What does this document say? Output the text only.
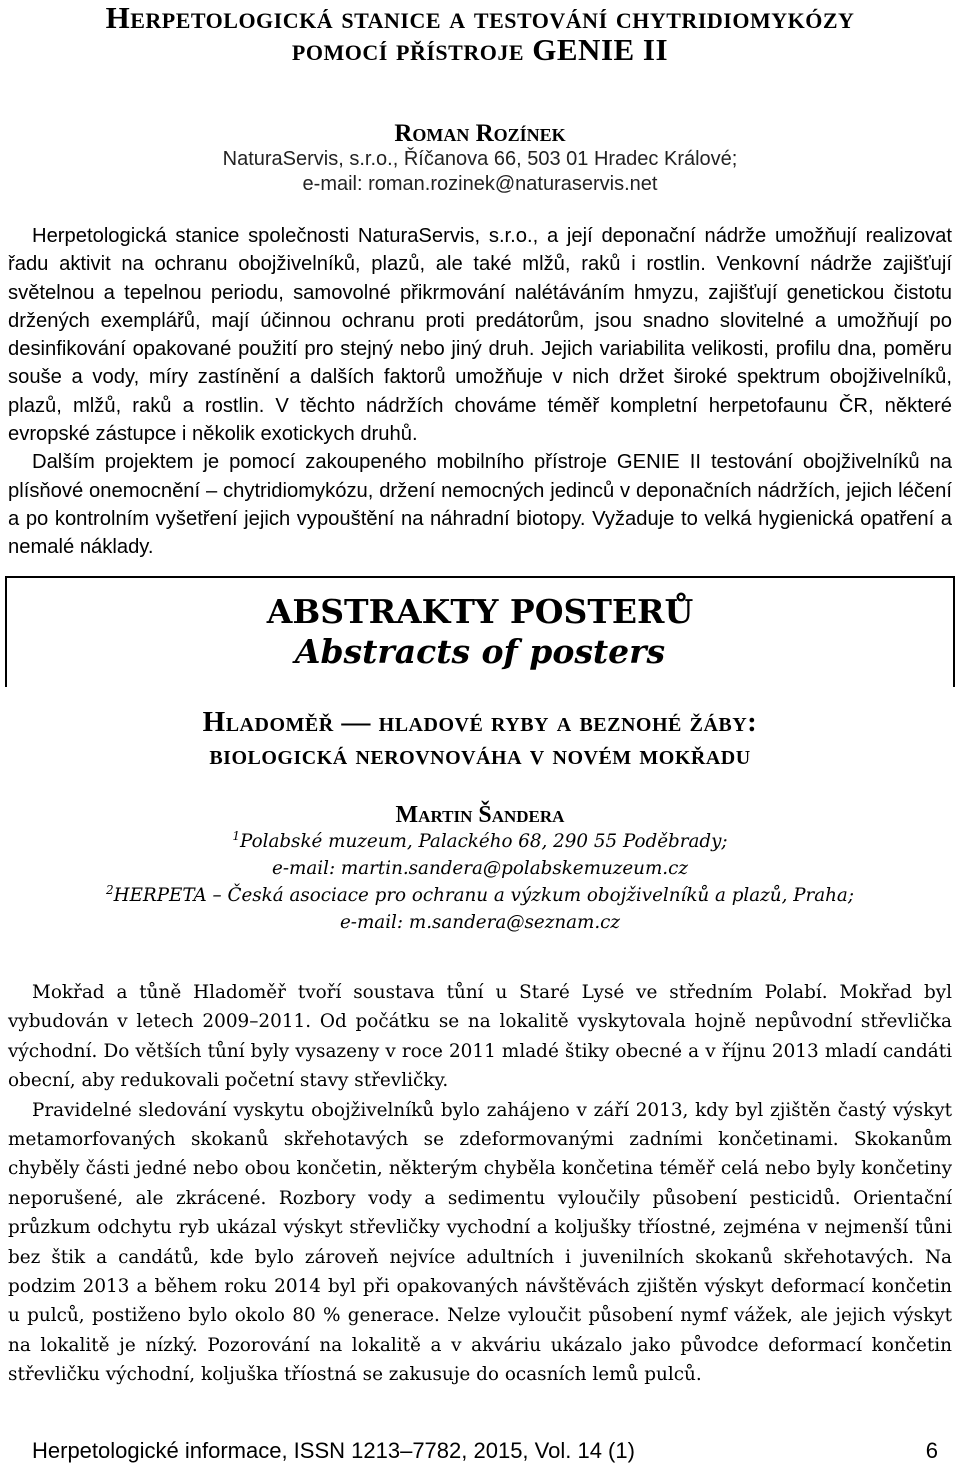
Herpetologická stanice a testování chytridiomykózy
pomocí přístroje GENIE II

Roman Rozínek

NaturaServis, s.r.o., Říčanova 66, 503 01 Hradec Králové;

e-mail: roman.rozinek@naturaservis.net

Herpetologická stanice společnosti NaturaServis, s.r.o., a její deponační nádrže umožňují realizovat řadu aktivit na ochranu obojživelníků, plazů, ale také mlžů, raků i rostlin. Venkovní nádrže zajišťují světelnou a tepelnou periodu, samovolné přikrmování nalétáváním hmyzu, zajišťují genetickou čistotu držených exemplářů, mají účinnou ochranu proti predátorům, jsou snadno slovitelné a umožňují po desinfikování opakované použití pro stejný nebo jiný druh. Jejich variabilita velikosti, profilu dna, poměru souše a vody, míry zastínění a dalších faktorů umožňuje v nich držet široké spektrum obojživelníků, plazů, mlžů, raků a rostlin. V těchto nádržích chováme téměř kompletní herpetofaunu ČR, některé evropské zástupce i několik exotickych druhů.

Dalším projektem je pomocí zakoupeného mobilního přístroje GENIE II testování obojživelníků na plísňové onemocnění – chytridiomykózu, držení nemocných jedinců v deponačních nádržích, jejich léčení a po kontrolním vyšetření jejich vypouštění na náhradní biotopy. Vyžaduje to velká hygienická opatření a nemalé náklady.

ABSTRAKTY POSTERŮ

Abstracts of posters

Hladoměř — hladové ryby a beznohé žáby:
biologická nerovnováha v novém mokřadu

Martin Šandera

$^1$Polabské muzeum, Palackého 68, 290 55 Poděbrady;

e-mail: martin.sandera@polabskemuzeum.cz

$^2$HERPETA – Česká asociace pro ochranu a výzkum obojživelníků a plazů, Praha;

e-mail: m.sandera@seznam.cz

Mokřad a tůně Hladoměř tvoří soustava tůní u Staré Lysé ve středním Polabí. Mokřad byl vybudován v letech 2009–2011. Od počátku se na lokalitě vyskytovala hojně nepůvodní střevlička východní. Do větších tůní byly vysazeny v roce 2011 mladé štiky obecné a v říjnu 2013 mladí candáti obecní, aby redukovali početní stavy střevličky.

Pravidelné sledování vyskytu obojživelníků bylo zahájeno v září 2013, kdy byl zjištěn častý výskyt metamorfovaných skokanů skřehotavých se zdeformovanými zadními končetinami. Skokanům chyběly části jedné nebo obou končetin, některým chyběla končetina téměř celá nebo byly končetiny neporušené, ale zkrácené. Rozbory vody a sedimentu vyloučily působení pesticidů. Orientační průzkum odchytu ryb ukázal výskyt střevličky vychodní a koljušky tříostné, zejména v nejmenší tůni bez štik a candátů, kde bylo zároveň nejvíce adultních i juvenilních skokanů skřehotavých. Na podzim 2013 a během roku 2014 byl při opakovaných návštěvách zjištěn výskyt deformací končetin u pulců, postiženo bylo okolo 80 % generace. Nelze vyloučit působení nymf vážek, ale jejich výskyt na lokalitě je nízký. Pozorování na lokalitě a v akváriu ukázalo jako původce deformací končetin střevličku východní, koljuška tříostná se zakusuje do ocasních lemů pulců.

Herpetologické informace, ISSN 1213–7782, 2015, Vol. 14 (1)	6
